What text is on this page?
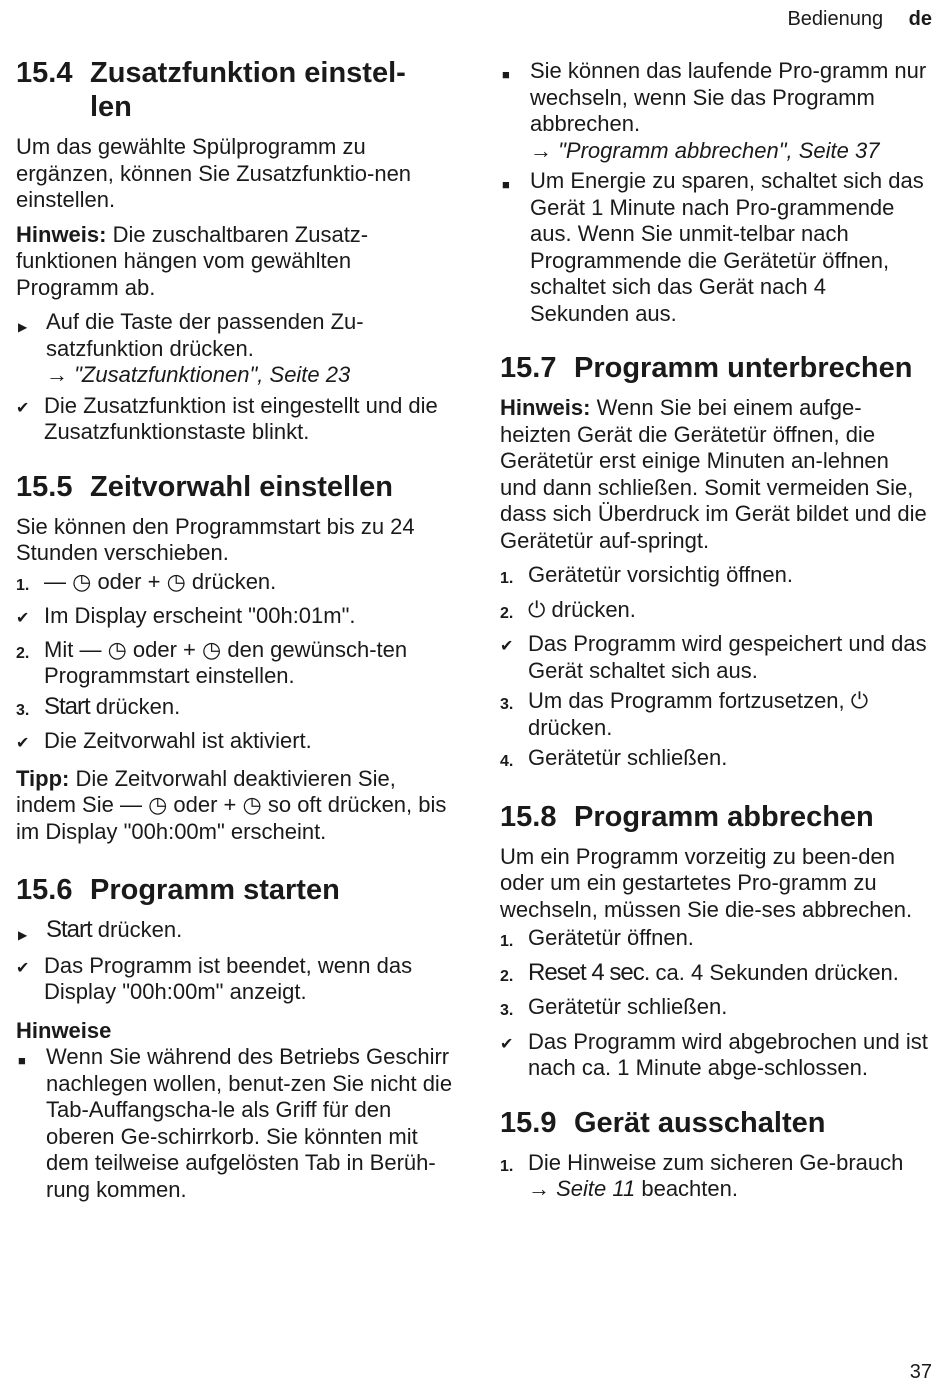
Bedienung de
15.4 Zusatzfunktion einstel-
len

Um das gewählte Spülprogramm zu ergänzen, können Sie Zusatzfunktio-nen einstellen.

Hinweis: Die zuschaltbaren Zusatz-funktionen hängen vom gewählten Programm ab.

▶ Auf die Taste der passenden Zu-satzfunktion drücken.
→ "Zusatzfunktionen", Seite 23
✔ Die Zusatzfunktion ist eingestellt und die Zusatzfunktionstaste blinkt.
15.5 Zeitvorwahl einstellen

Sie können den Programmstart bis zu 24 Stunden verschieben.

1. — ◷ oder + ◷ drücken.
✔ Im Display erscheint "00h:01m".
2. Mit — ◷ oder + ◷ den gewünsch-ten Programmstart einstellen.
3. Start drücken.
✔ Die Zeitvorwahl ist aktiviert.

Tipp: Die Zeitvorwahl deaktivieren Sie, indem Sie — ◷ oder + ◷ so oft drücken, bis im Display "00h:00m" erscheint.

15.6 Programm starten
▶ Start drücken.
✔ Das Programm ist beendet, wenn das Display "00h:00m" anzeigt.

Hinweise

■ Wenn Sie während des Betriebs Geschirr nachlegen wollen, benut-zen Sie nicht die Tab-Auffangscha-le als Griff für den oberen Ge-schirrkorb. Sie könnten mit dem teilweise aufgelösten Tab in Berüh-rung kommen.
■ Sie können das laufende Pro-gramm nur wechseln, wenn Sie das Programm abbrechen.
→ "Programm abbrechen", Seite 37
■ Um Energie zu sparen, schaltet sich das Gerät 1 Minute nach Pro-grammende aus. Wenn Sie unmit-telbar nach Programmende die Gerätetür öffnen, schaltet sich das Gerät nach 4 Sekunden aus.
15.7 Programm unterbrechen

Hinweis: Wenn Sie bei einem aufge-heizten Gerät die Gerätetür öffnen, die Gerätetür erst einige Minuten an-lehnen und dann schließen. Somit vermeiden Sie, dass sich Überdruck im Gerät bildet und die Gerätetür auf-springt.

1. Gerätetür vorsichtig öffnen.
2. ⏻ drücken.
✔ Das Programm wird gespeichert und das Gerät schaltet sich aus.
3. Um das Programm fortzusetzen, ⏻
drücken.
4. Gerätetür schließen.
15.8 Programm abbrechen

Um ein Programm vorzeitig zu been-den oder um ein gestartetes Pro-gramm zu wechseln, müssen Sie die-ses abbrechen.

1. Gerätetür öffnen.
2. Reset 4 sec. ca. 4 Sekunden drücken.
3. Gerätetür schließen.
✔ Das Programm wird abgebrochen und ist nach ca. 1 Minute abge-schlossen.
15.9 Gerät ausschalten
1. Die Hinweise zum sicheren Ge-brauch → Seite 11 beachten.
37
